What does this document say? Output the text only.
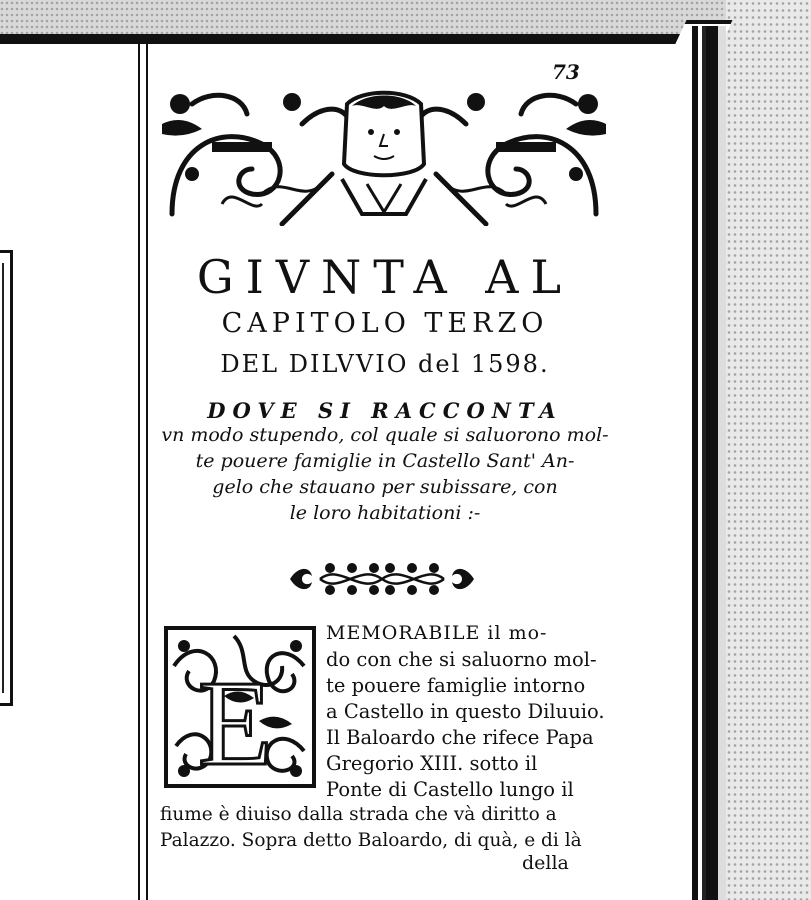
73
GIVNTA AL
CAPITOLO TERZO
DEL DILVVIO del 1598.
DOVE SI RACCONTA
vn modo stupendo, col quale si saluorono mol-
te pouere famiglie in Castello Sant' An-
gelo che stauano per subissare, con
le loro habitationi :-
E
MEMORABILE il mo-
do con che si saluorno mol-
te pouere famiglie intorno
a Castello in questo Diluuio.
Il Baloardo che rifece Papa
Gregorio XIII. sotto il
Ponte di Castello lungo il
fiume è diuiso dalla strada che và diritto a
Palazzo. Sopra detto Baloardo, di quà, e di là
della
